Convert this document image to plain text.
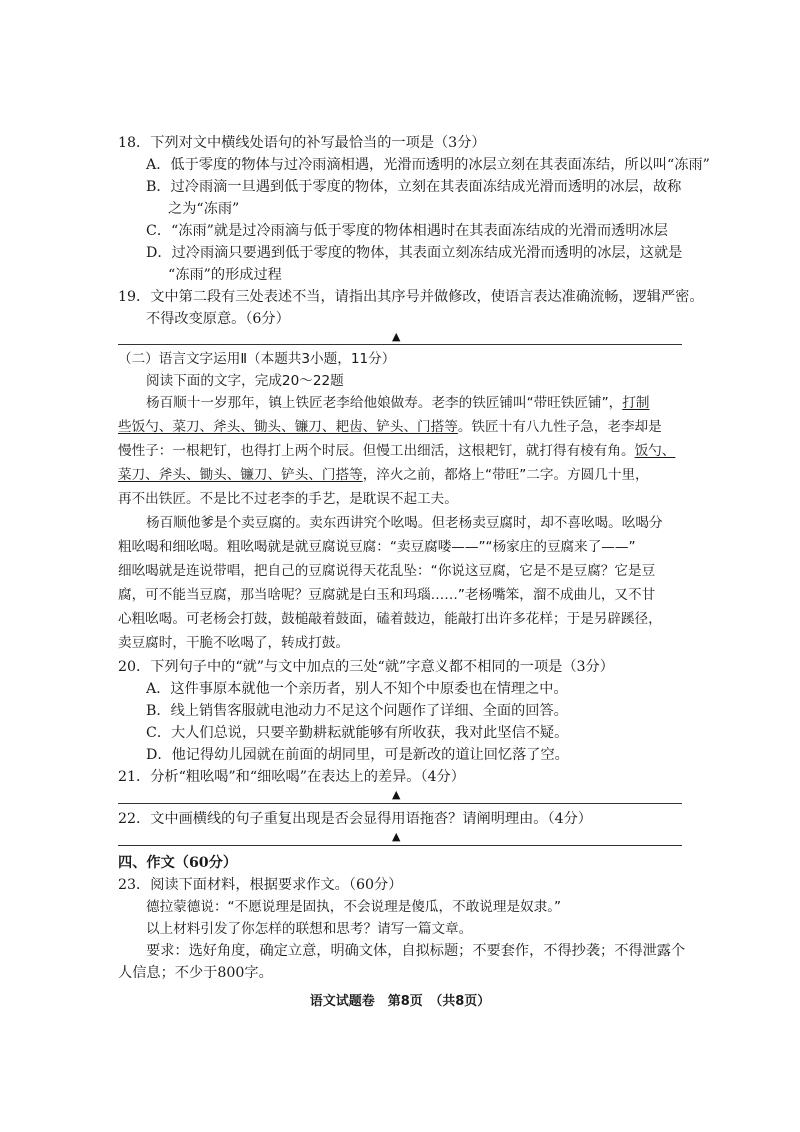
18．下列对文中横线处语句的补写最恰当的一项是（3分）
A．低于零度的物体与过冷雨滴相遇，光滑而透明的冰层立刻在其表面冻结，所以叫“冻雨”
B．过冷雨滴一旦遇到低于零度的物体，立刻在其表面冻结成光滑而透明的冰层，故称
之为“冻雨”
C．“冻雨”就是过冷雨滴与低于零度的物体相遇时在其表面冻结成的光滑而透明冰层
D．过冷雨滴只要遇到低于零度的物体，其表面立刻冻结成光滑而透明的冰层，这就是
“冻雨”的形成过程
19．文中第二段有三处表述不当，请指出其序号并做修改，使语言表达准确流畅，逻辑严密。
不得改变原意。（6分）
▲
（二）语言文字运用Ⅱ（本题共3小题，11分）
阅读下面的文字，完成20～22题
杨百顺十一岁那年，镇上铁匠老李给他娘做寿。老李的铁匠铺叫“带旺铁匠铺”，打制
些饭勺、菜刀、斧头、锄头、镰刀、耙齿、铲头、门搭等。铁匠十有八九性子急，老李却是
慢性子：一根耙钉，也得打上两个时辰。但慢工出细活，这根耙钉，就打得有棱有角。饭勺、
菜刀、斧头、锄头、镰刀、铲头、门搭等，淬火之前，都烙上“带旺”二字。方圆几十里，
再不出铁匠。不是比不过老李的手艺，是耽误不起工夫。
杨百顺他爹是个卖豆腐的。卖东西讲究个吆喝。但老杨卖豆腐时，却不喜吆喝。吆喝分
粗吆喝和细吆喝。粗吆喝就是就豆腐说豆腐：“卖豆腐喽——”“杨家庄的豆腐来了——”
细吆喝就是连说带唱，把自己的豆腐说得天花乱坠：“你说这豆腐，它是不是豆腐？它是豆
腐，可不能当豆腐，那当啥呢？豆腐就是白玉和玛瑙……”老杨嘴笨，溜不成曲儿，又不甘
心粗吆喝。可老杨会打鼓，鼓槌敲着鼓面，磕着鼓边，能敲打出许多花样；于是另辟蹊径，
卖豆腐时，干脆不吆喝了，转成打鼓。
20．下列句子中的“就”与文中加点的三处“就”字意义都不相同的一项是（3分）
A．这件事原本就他一个亲历者，别人不知个中原委也在情理之中。
B．线上销售客服就电池动力不足这个问题作了详细、全面的回答。
C．大人们总说，只要辛勤耕耘就能够有所收获，我对此坚信不疑。
D．他记得幼儿园就在前面的胡同里，可是新改的道让回忆落了空。
21．分析“粗吆喝”和“细吆喝”在表达上的差异。（4分）
▲
22．文中画横线的句子重复出现是否会显得用语拖沓？请阐明理由。（4分）
▲
四、作文（60分）
23．阅读下面材料，根据要求作文。（60分）
德拉蒙德说：“不愿说理是固执，不会说理是傻瓜，不敢说理是奴隶。”
以上材料引发了你怎样的联想和思考？请写一篇文章。
要求：选好角度，确定立意，明确文体，自拟标题；不要套作，不得抄袭；不得泄露个
人信息；不少于800字。
语文试题卷　第8页　（共8页）
